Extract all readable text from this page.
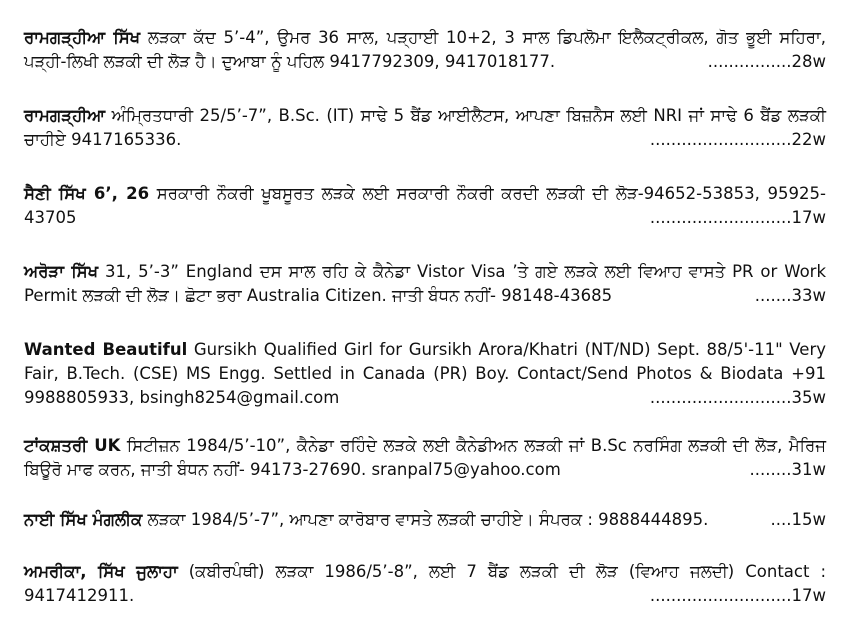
ਰਾਮਗੜ੍ਹੀਆ ਸਿੱਖ ਲੜਕਾ ਕੱਦ 5’-4”, ਉਮਰ 36 ਸਾਲ, ਪੜ੍ਹਾਈ 10+2, 3 ਸਾਲ ਡਿਪਲੋਮਾ ਇਲੈਕਟ੍ਰੀਕਲ, ਗੋਤ ਭੂਈ ਸਹਿਰਾ, ਪੜ੍ਹੀ-ਲਿਖੀ ਲੜਕੀ ਦੀ ਲੋੜ ਹੈ। ਦੁਆਬਾ ਨੂੰ ਪਹਿਲ 9417792309, 9417018177.	................28w
ਰਾਮਗੜ੍ਹੀਆ ਅੰਮ੍ਰਿਤਧਾਰੀ 25/5’-7”, B.Sc. (IT) ਸਾਢੇ 5 ਬੈਂਡ ਆਈਲੈਟਸ, ਆਪਣਾ ਬਿਜ਼ਨੈਸ ਲਈ NRI ਜਾਂ ਸਾਢੇ 6 ਬੈਂਡ ਲੜਕੀ ਚਾਹੀਏ 9417165336.	...........................22w
ਸੈਣੀ ਸਿੱਖ 6’, 26 ਸਰਕਾਰੀ ਨੌਕਰੀ ਖੂਬਸੂਰਤ ਲੜਕੇ ਲਈ ਸਰਕਾਰੀ ਨੌਕਰੀ ਕਰਦੀ ਲੜਕੀ ਦੀ ਲੋੜ-94652-53853, 95925-43705	...........................17w
ਅਰੋੜਾ ਸਿੱਖ 31, 5’-3” England ਦਸ ਸਾਲ ਰਹਿ ਕੇ ਕੈਨੇਡਾ Vistor Visa ’ਤੇ ਗਏ ਲੜਕੇ ਲਈ ਵਿਆਹ ਵਾਸਤੇ PR or Work Permit ਲੜਕੀ ਦੀ ਲੋੜ। ਛੋਟਾ ਭਰਾ Australia Citizen. ਜਾਤੀ ਬੰਧਨ ਨਹੀਂ- 98148-43685	.......33w
Wanted Beautiful Gursikh Qualified Girl for Gursikh Arora/Khatri (NT/ND) Sept. 88/5'-11" Very Fair, B.Tech. (CSE) MS Engg. Settled in Canada (PR) Boy. Contact/Send Photos & Biodata +91 9988805933, bsingh8254@gmail.com	...........................35w
ਟਾਂਕਸ਼ਤਰੀ UK ਸਿਟੀਜ਼ਨ 1984/5’-10”, ਕੈਨੇਡਾ ਰਹਿੰਦੇ ਲੜਕੇ ਲਈ ਕੈਨੇਡੀਅਨ ਲੜਕੀ ਜਾਂ B.Sc ਨਰਸਿੰਗ ਲੜਕੀ ਦੀ ਲੋੜ, ਮੈਰਿਜ ਬਿਊਰੋ ਮਾਫ ਕਰਨ, ਜਾਤੀ ਬੰਧਨ ਨਹੀਂ- 94173-27690. sranpal75@yahoo.com	........31w
ਨਾਈ ਸਿੱਖ ਮੰਗਲੀਕ ਲੜਕਾ 1984/5’-7”, ਆਪਣਾ ਕਾਰੋਬਾਰ ਵਾਸਤੇ ਲੜਕੀ ਚਾਹੀਏ। ਸੰਪਰਕ : 9888444895.	....15w
ਅਮਰੀਕਾ, ਸਿੱਖ ਜੁਲਾਹਾ (ਕਬੀਰਪੰਥੀ) ਲੜਕਾ 1986/5’-8”, ਲਈ 7 ਬੈਂਡ ਲੜਕੀ ਦੀ ਲੋੜ (ਵਿਆਹ ਜਲਦੀ) Contact : 9417412911.	...........................17w
